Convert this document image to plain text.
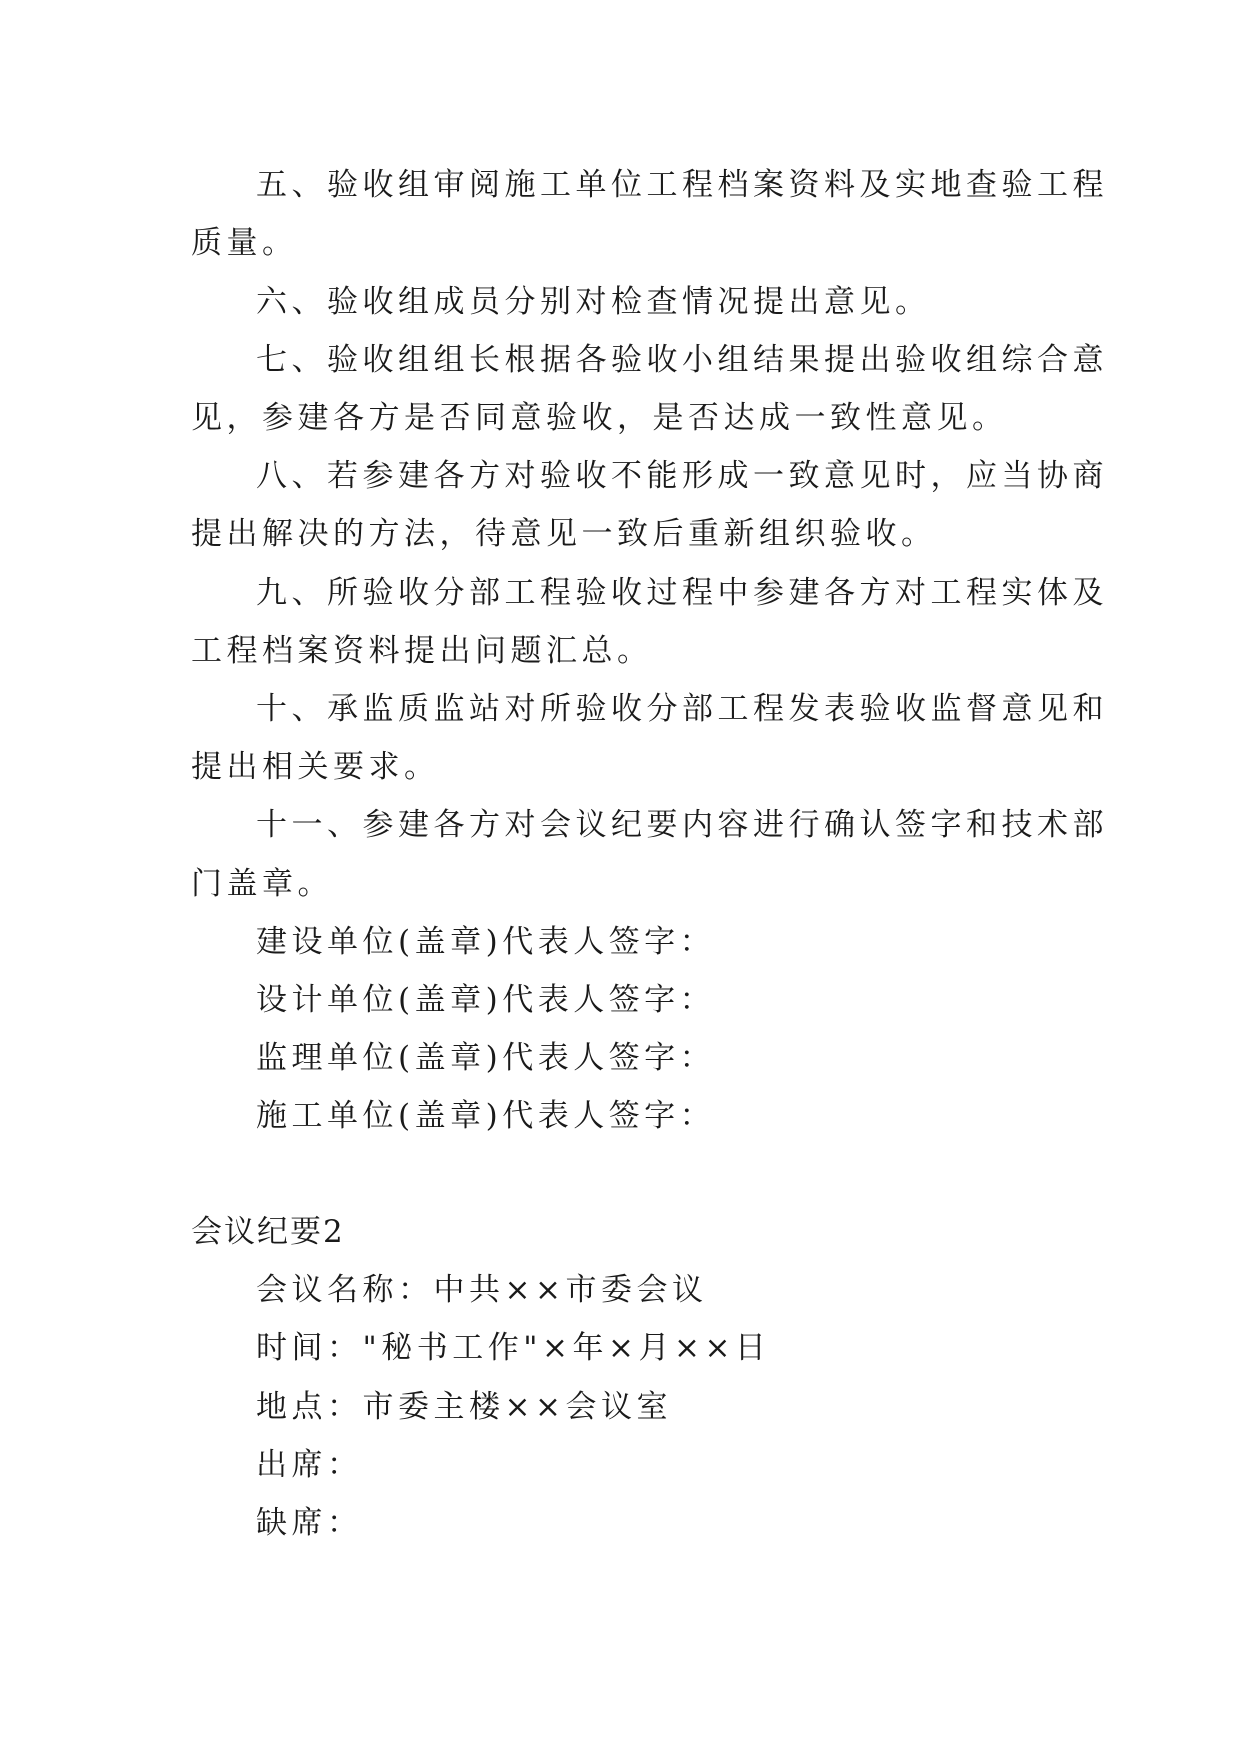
五、验收组审阅施工单位工程档案资料及实地查验工程
质量。
六、验收组成员分别对检查情况提出意见。
七、验收组组长根据各验收小组结果提出验收组综合意
见，参建各方是否同意验收，是否达成一致性意见。
八、若参建各方对验收不能形成一致意见时，应当协商
提出解决的方法，待意见一致后重新组织验收。
九、所验收分部工程验收过程中参建各方对工程实体及
工程档案资料提出问题汇总。
十、承监质监站对所验收分部工程发表验收监督意见和
提出相关要求。
十一、参建各方对会议纪要内容进行确认签字和技术部
门盖章。
建设单位(盖章)代表人签字：
设计单位(盖章)代表人签字：
监理单位(盖章)代表人签字：
施工单位(盖章)代表人签字：
会议纪要2
会议名称：中共××市委会议
时间："秘书工作"×年×月××日
地点：市委主楼××会议室
出席：
缺席：
